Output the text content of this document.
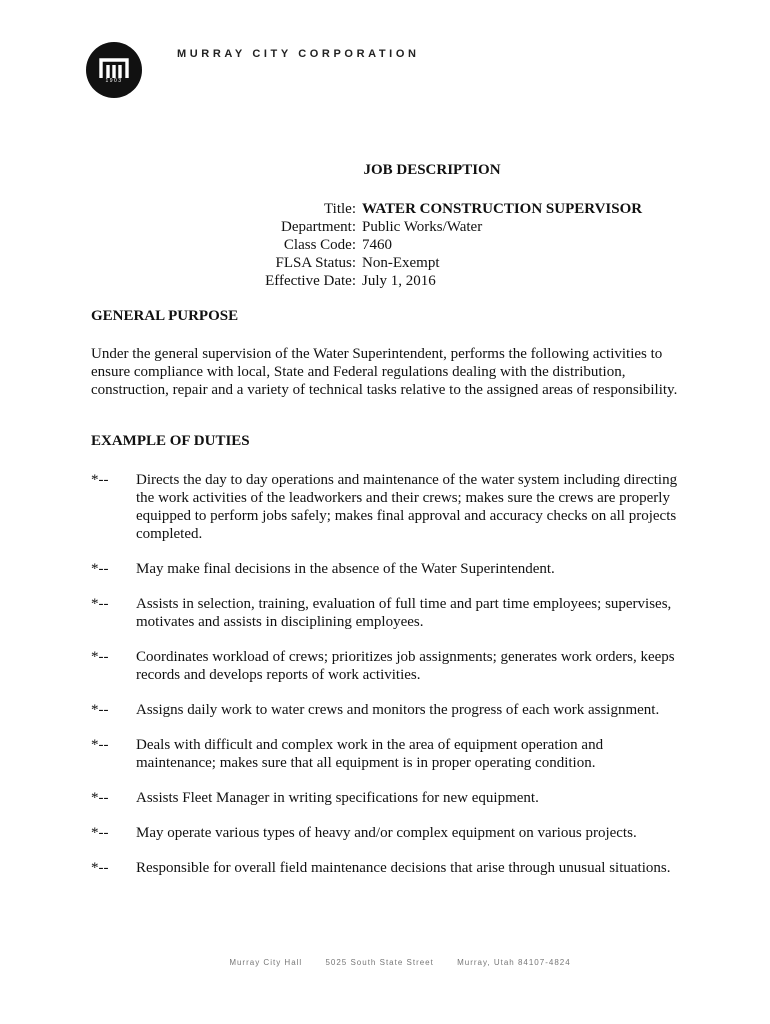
1903
MURRAY CITY CORPORATION
JOB DESCRIPTION
Title: WATER CONSTRUCTION SUPERVISOR
Department: Public Works/Water
Class Code: 7460
FLSA Status: Non-Exempt
Effective Date: July 1, 2016
GENERAL PURPOSE
Under the general supervision of the Water Superintendent, performs the following activities to ensure compliance with local, State and Federal regulations dealing with the distribution, construction, repair and a variety of technical tasks relative to the assigned areas of responsibility.
EXAMPLE OF DUTIES
*--	Directs the day to day operations and maintenance of the water system including directing the work activities of the leadworkers and their crews; makes sure the crews are properly equipped to perform jobs safely; makes final approval and accuracy checks on all projects completed.
*--	May make final decisions in the absence of the Water Superintendent.
*--	Assists in selection, training, evaluation of full time and part time employees; supervises, motivates and assists in disciplining employees.
*--	Coordinates workload of crews; prioritizes job assignments; generates work orders, keeps records and develops reports of work activities.
*--	Assigns daily work to water crews and monitors the progress of each work assignment.
*--	Deals with difficult and complex work in the area of equipment operation and maintenance; makes sure that all equipment is in proper operating condition.
*--	Assists Fleet Manager in writing specifications for new equipment.
*--	May operate various types of heavy and/or complex equipment on various projects.
*--	Responsible for overall field maintenance decisions that arise through unusual situations.
Murray City Hall	5025 South State Street	Murray, Utah 84107-4824
